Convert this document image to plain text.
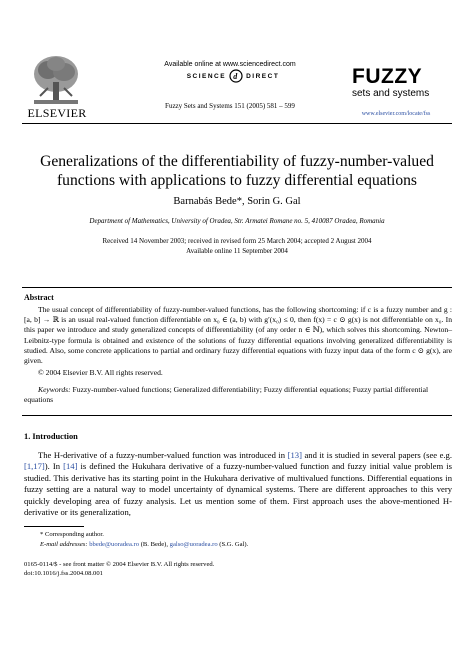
ELSEVIER
Available online at www.sciencedirect.com
SCIENCE d DIRECT
Fuzzy Sets and Systems 151 (2005) 581 – 599
FUZZY
sets and systems
www.elsevier.com/locate/fss
Generalizations of the differentiability of fuzzy-number-valued functions with applications to fuzzy differential equations
Barnabás Bede*, Sorin G. Gal
Department of Mathematics, University of Oradea, Str. Armatei Romane no. 5, 410087 Oradea, Romania
Received 14 November 2003; received in revised form 25 March 2004; accepted 2 August 2004
Available online 11 September 2004
Abstract
The usual concept of differentiability of fuzzy-number-valued functions, has the following shortcoming: if c is a fuzzy number and g : [a, b] → ℝ is an usual real-valued function differentiable on x₀ ∈ (a, b) with g′(x₀) ≤ 0, then f(x) = c ⊙ g(x) is not differentiable on x₀. In this paper we introduce and study generalized concepts of differentiability (of any order n ∈ ℕ), which solves this shortcoming. Newton–Leibnitz-type formula is obtained and existence of the solutions of fuzzy differential equations involving generalized differentiability is studied. Also, some concrete applications to partial and ordinary fuzzy differential equations with fuzzy input data of the form c ⊙ g(x), are given.
© 2004 Elsevier B.V. All rights reserved.
Keywords: Fuzzy-number-valued functions; Generalized differentiability; Fuzzy differential equations; Fuzzy partial differential equations
1. Introduction
The H-derivative of a fuzzy-number-valued function was introduced in [13] and it is studied in several papers (see e.g. [1,17]). In [14] is defined the Hukuhara derivative of a fuzzy-number-valued function and fuzzy initial value problem is studied. This derivative has its starting point in the Hukuhara derivative of multivalued functions. Differential equations in fuzzy setting are a natural way to model uncertainty of dynamical systems. There are different approaches to this very quickly developing area of fuzzy analysis. Let us mention some of them. First approach uses the above-mentioned H-derivative or its generalization,
* Corresponding author.
E-mail addresses: bbede@uoradea.ro (B. Bede), galso@uoradea.ro (S.G. Gal).
0165-0114/$ - see front matter © 2004 Elsevier B.V. All rights reserved.
doi:10.1016/j.fss.2004.08.001
